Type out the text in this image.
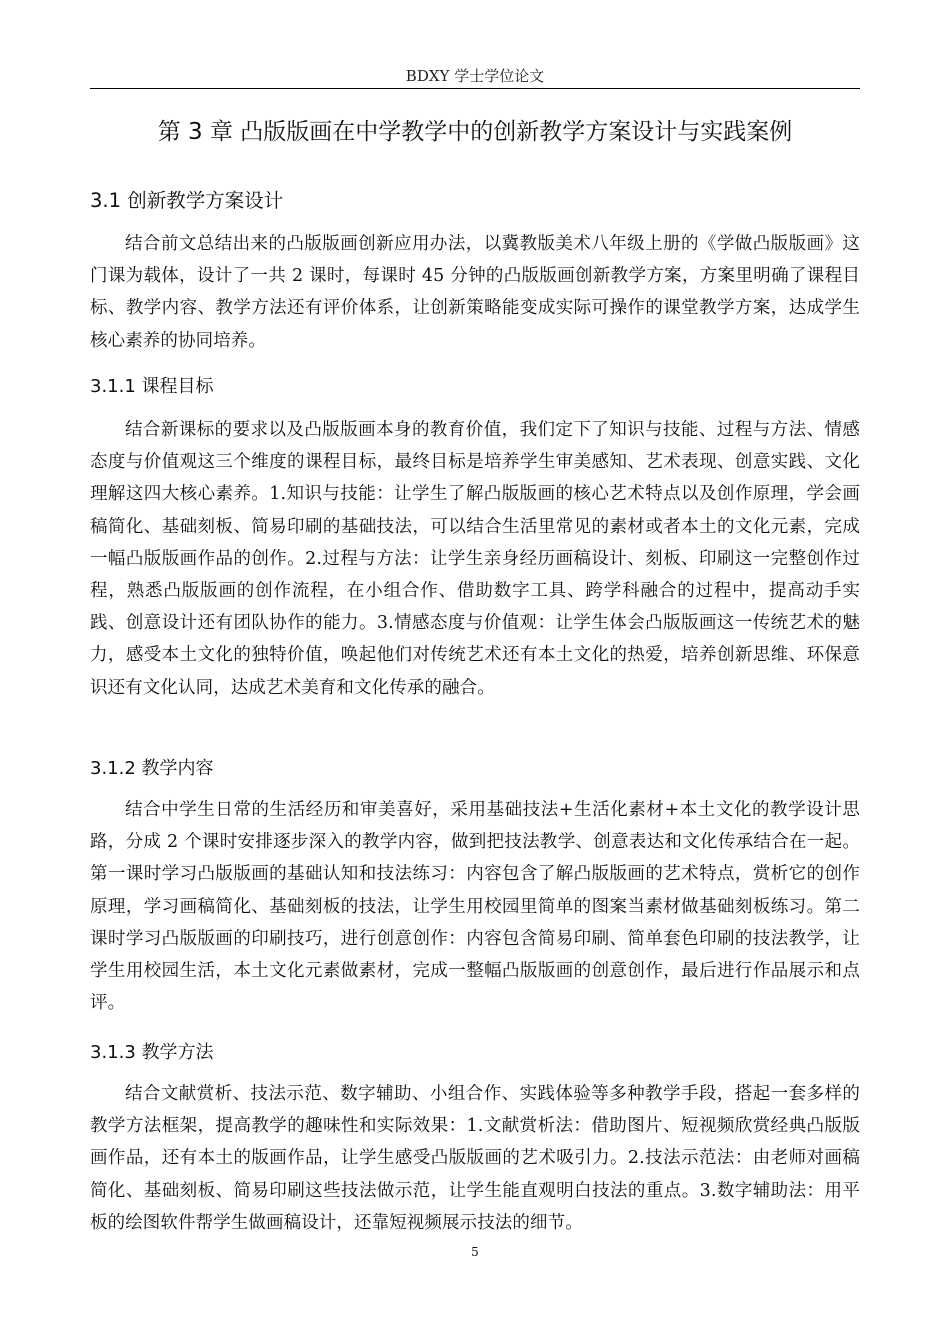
BDXY 学士学位论文
第 3 章 凸版版画在中学教学中的创新教学方案设计与实践案例
3.1 创新教学方案设计

结合前文总结出来的凸版版画创新应用办法，以冀教版美术八年级上册的《学做凸版版画》这门课为载体，设计了一共 2 课时，每课时 45 分钟的凸版版画创新教学方案，方案里明确了课程目标、教学内容、教学方法还有评价体系，让创新策略能变成实际可操作的课堂教学方案，达成学生核心素养的协同培养。

3.1.1 课程目标

结合新课标的要求以及凸版版画本身的教育价值，我们定下了知识与技能、过程与方法、情感态度与价值观这三个维度的课程目标，最终目标是培养学生审美感知、艺术表现、创意实践、文化理解这四大核心素养。1.知识与技能：让学生了解凸版版画的核心艺术特点以及创作原理，学会画稿简化、基础刻板、简易印刷的基础技法，可以结合生活里常见的素材或者本土的文化元素，完成一幅凸版版画作品的创作。2.过程与方法：让学生亲身经历画稿设计、刻板、印刷这一完整创作过程，熟悉凸版版画的创作流程，在小组合作、借助数字工具、跨学科融合的过程中，提高动手实践、创意设计还有团队协作的能力。3.情感态度与价值观：让学生体会凸版版画这一传统艺术的魅力，感受本土文化的独特价值，唤起他们对传统艺术还有本土文化的热爱，培养创新思维、环保意识还有文化认同，达成艺术美育和文化传承的融合。

3.1.2 教学内容

结合中学生日常的生活经历和审美喜好，采用基础技法+生活化素材+本土文化的教学设计思路，分成 2 个课时安排逐步深入的教学内容，做到把技法教学、创意表达和文化传承结合在一起。第一课时学习凸版版画的基础认知和技法练习：内容包含了解凸版版画的艺术特点，赏析它的创作原理，学习画稿简化、基础刻板的技法，让学生用校园里简单的图案当素材做基础刻板练习。第二课时学习凸版版画的印刷技巧，进行创意创作：内容包含简易印刷、简单套色印刷的技法教学，让学生用校园生活，本土文化元素做素材，完成一整幅凸版版画的创意创作，最后进行作品展示和点评。

3.1.3 教学方法

结合文献赏析、技法示范、数字辅助、小组合作、实践体验等多种教学手段，搭起一套多样的教学方法框架，提高教学的趣味性和实际效果：1.文献赏析法：借助图片、短视频欣赏经典凸版版画作品，还有本土的版画作品，让学生感受凸版版画的艺术吸引力。2.技法示范法：由老师对画稿简化、基础刻板、简易印刷这些技法做示范，让学生能直观明白技法的重点。3.数字辅助法：用平板的绘图软件帮学生做画稿设计，还靠短视频展示技法的细节。

5
